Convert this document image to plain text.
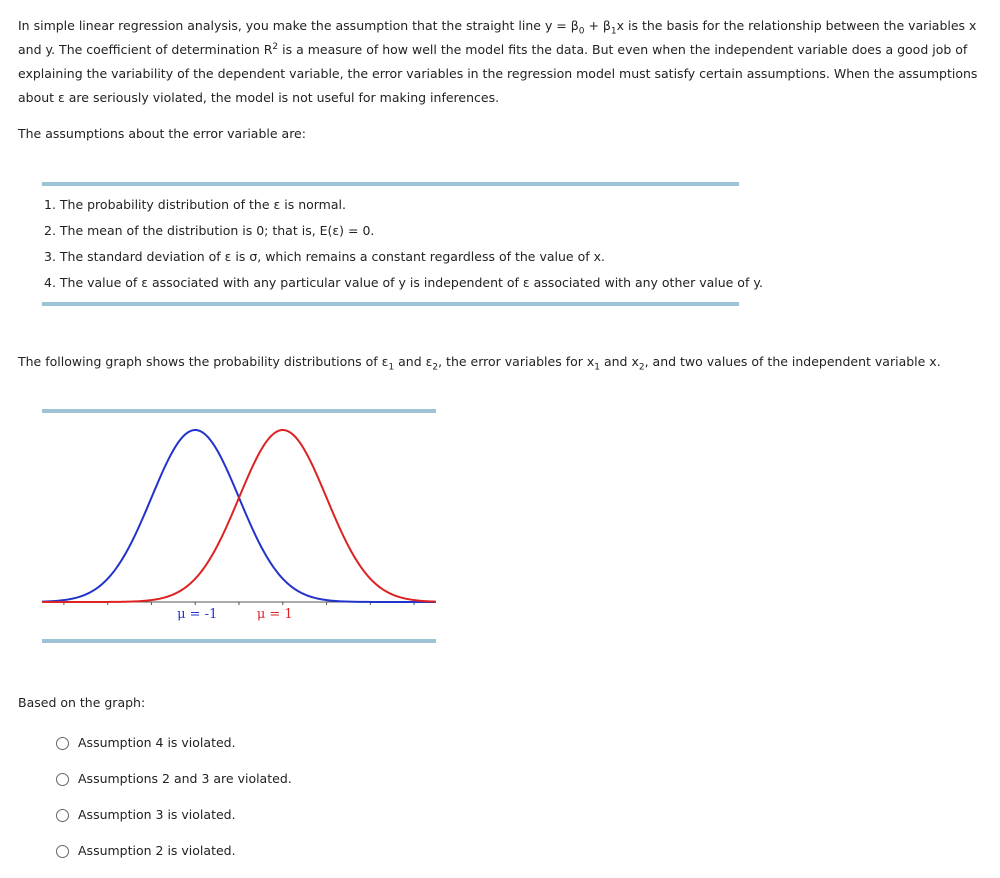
In simple linear regression analysis, you make the assumption that the straight line $y = \beta_0 + \beta_1x$ is the basis for the relationship between the variables x and y. The coefficient of determination $R^2$ is a measure of how well the model fits the data. But even when the independent variable does a good job of explaining the variability of the dependent variable, the error variables in the regression model must satisfy certain assumptions. When the assumptions about ε are seriously violated, the model is not useful for making inferences.

The assumptions about the error variable are:

1. The probability distribution of the ε is normal.
2. The mean of the distribution is 0; that is, E(ε) = 0.
3. The standard deviation of ε is σ, which remains a constant regardless of the value of x.
4. The value of ε associated with any particular value of y is independent of ε associated with any other value of y.

The following graph shows the probability distributions of $\varepsilon_1$ and $\varepsilon_2$, the error variables for $x_1$ and $x_2$, and two values of the independent variable x.

μ = -1	μ = 1

Based on the graph:

Assumption 4 is violated.
Assumptions 2 and 3 are violated.
Assumption 3 is violated.
Assumption 2 is violated.
